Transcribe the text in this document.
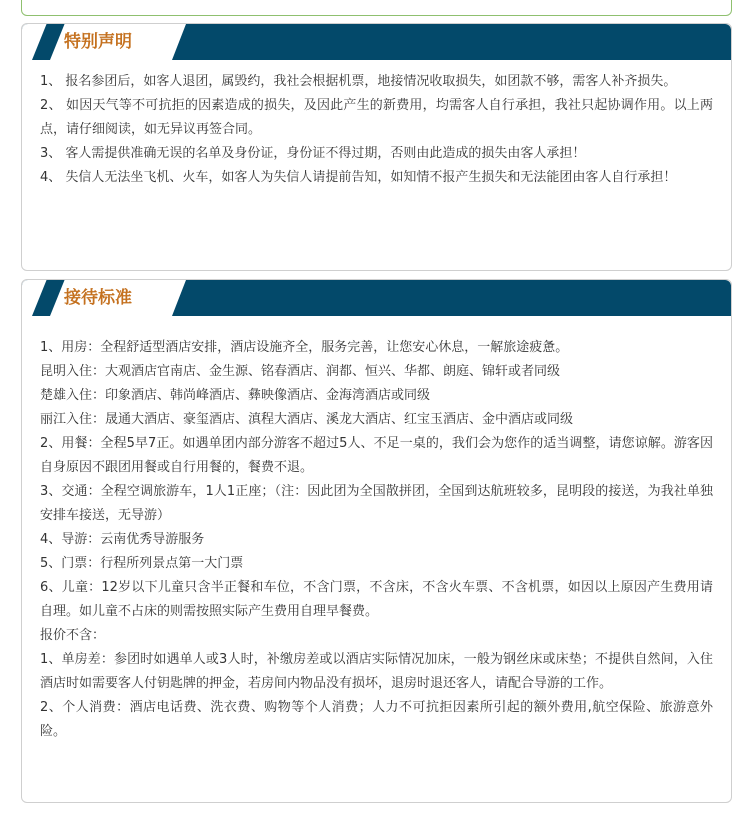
特别声明

1、 报名参团后，如客人退团，属毁约，我社会根据机票，地接情况收取损失，如团款不够，需客人补齐损失。

2、 如因天气等不可抗拒的因素造成的损失，及因此产生的新费用，均需客人自行承担，我社只起协调作用。以上两点，请仔细阅读，如无异议再签合同。

3、 客人需提供准确无误的名单及身份证，身份证不得过期，否则由此造成的损失由客人承担！

4、 失信人无法坐飞机、火车，如客人为失信人请提前告知，如知情不报产生损失和无法能团由客人自行承担！

接待标准

1、用房：全程舒适型酒店安排，酒店设施齐全，服务完善，让您安心休息，一解旅途疲惫。

昆明入住：大观酒店官南店、金生源、铭春酒店、润都、恒兴、华都、朗庭、锦轩或者同级

楚雄入住：印象酒店、韩尚峰酒店、彝映像酒店、金海湾酒店或同级

丽江入住：晟通大酒店、豪玺酒店、滇程大酒店、溪龙大酒店、红宝玉酒店、金中酒店或同级

2、用餐：全程5早7正。如遇单团内部分游客不超过5人、不足一桌的，我们会为您作的适当调整，请您谅解。游客因自身原因不跟团用餐或自行用餐的，餐费不退。

3、交通：全程空调旅游车，1人1正座；（注：因此团为全国散拼团，全国到达航班较多，昆明段的接送，为我社单独安排车接送，无导游）

4、导游：云南优秀导游服务

5、门票：行程所列景点第一大门票

6、儿童：12岁以下儿童只含半正餐和车位，不含门票，不含床，不含火车票、不含机票，如因以上原因产生费用请自理。如儿童不占床的则需按照实际产生费用自理早餐费。

报价不含：

1、单房差：参团时如遇单人或3人时，补缴房差或以酒店实际情况加床，一般为钢丝床或床垫；不提供自然间，入住酒店时如需要客人付钥匙牌的押金，若房间内物品没有损坏，退房时退还客人，请配合导游的工作。

2、个人消费：酒店电话费、洗衣费、购物等个人消费；人力不可抗拒因素所引起的额外费用,航空保险、旅游意外险。
